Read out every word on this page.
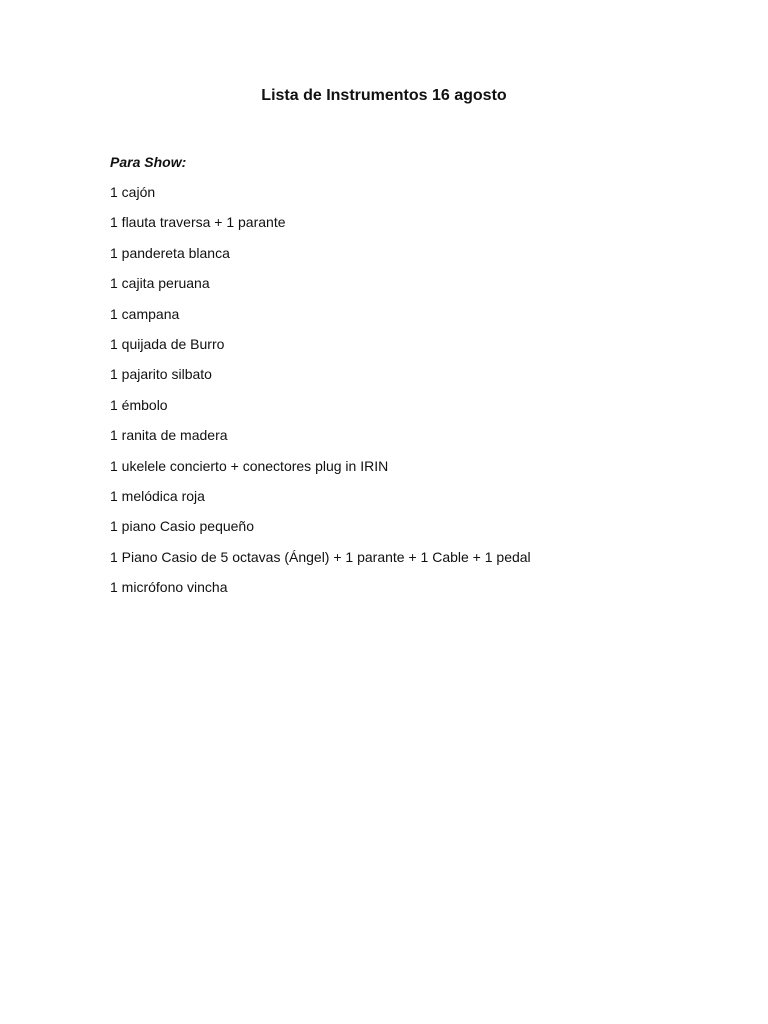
Lista de Instrumentos 16 agosto

Para Show:

1 cajón
1 flauta traversa + 1 parante
1 pandereta blanca
1 cajita peruana
1 campana
1 quijada de Burro
1 pajarito silbato
1 émbolo
1 ranita de madera
1 ukelele concierto + conectores plug in IRIN
1 melódica roja
1 piano Casio pequeño
1 Piano Casio de 5 octavas (Ángel) + 1 parante + 1 Cable + 1 pedal
1 micrófono vincha
